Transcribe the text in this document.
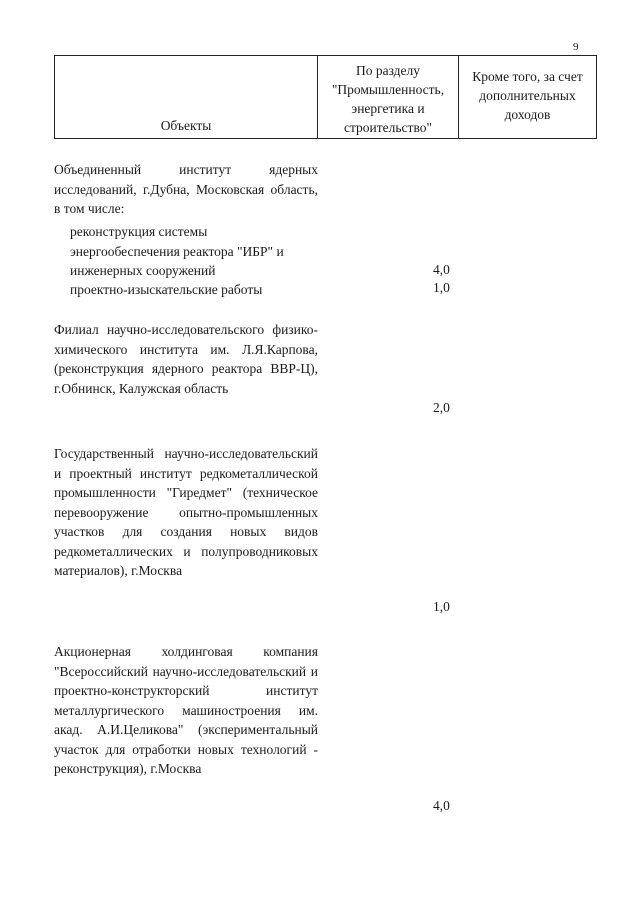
9
Объекты
По разделу "Промышленность, энергетика и строительство"
Кроме того, за счет дополнительных доходов

Объединенный институт ядерных исследований, г.Дубна, Московская область, в том числе:

реконструкция системы энергообеспечения реактора "ИБР" и инженерных сооружений	4,0

проектно-изыскательские работы	1,0

Филиал научно-исследовательского физико-химического института им. Л.Я.Карпова, (реконструкция ядерного реактора ВВР-Ц), г.Обнинск, Калужская область

2,0

Государственный научно-исследовательский и проектный институт редкометаллической промышленности "Гиредмет" (техническое перевооружение опытно-промышленных участков для создания новых видов редкометаллических и полупроводниковых материалов), г.Москва

1,0

Акционерная холдинговая компания "Всероссийский научно-исследовательский и проектно-конструкторский институт металлургического машиностроения им. акад. А.И.Целикова" (экспериментальный участок для отработки новых технологий - реконструкция), г.Москва

4,0
